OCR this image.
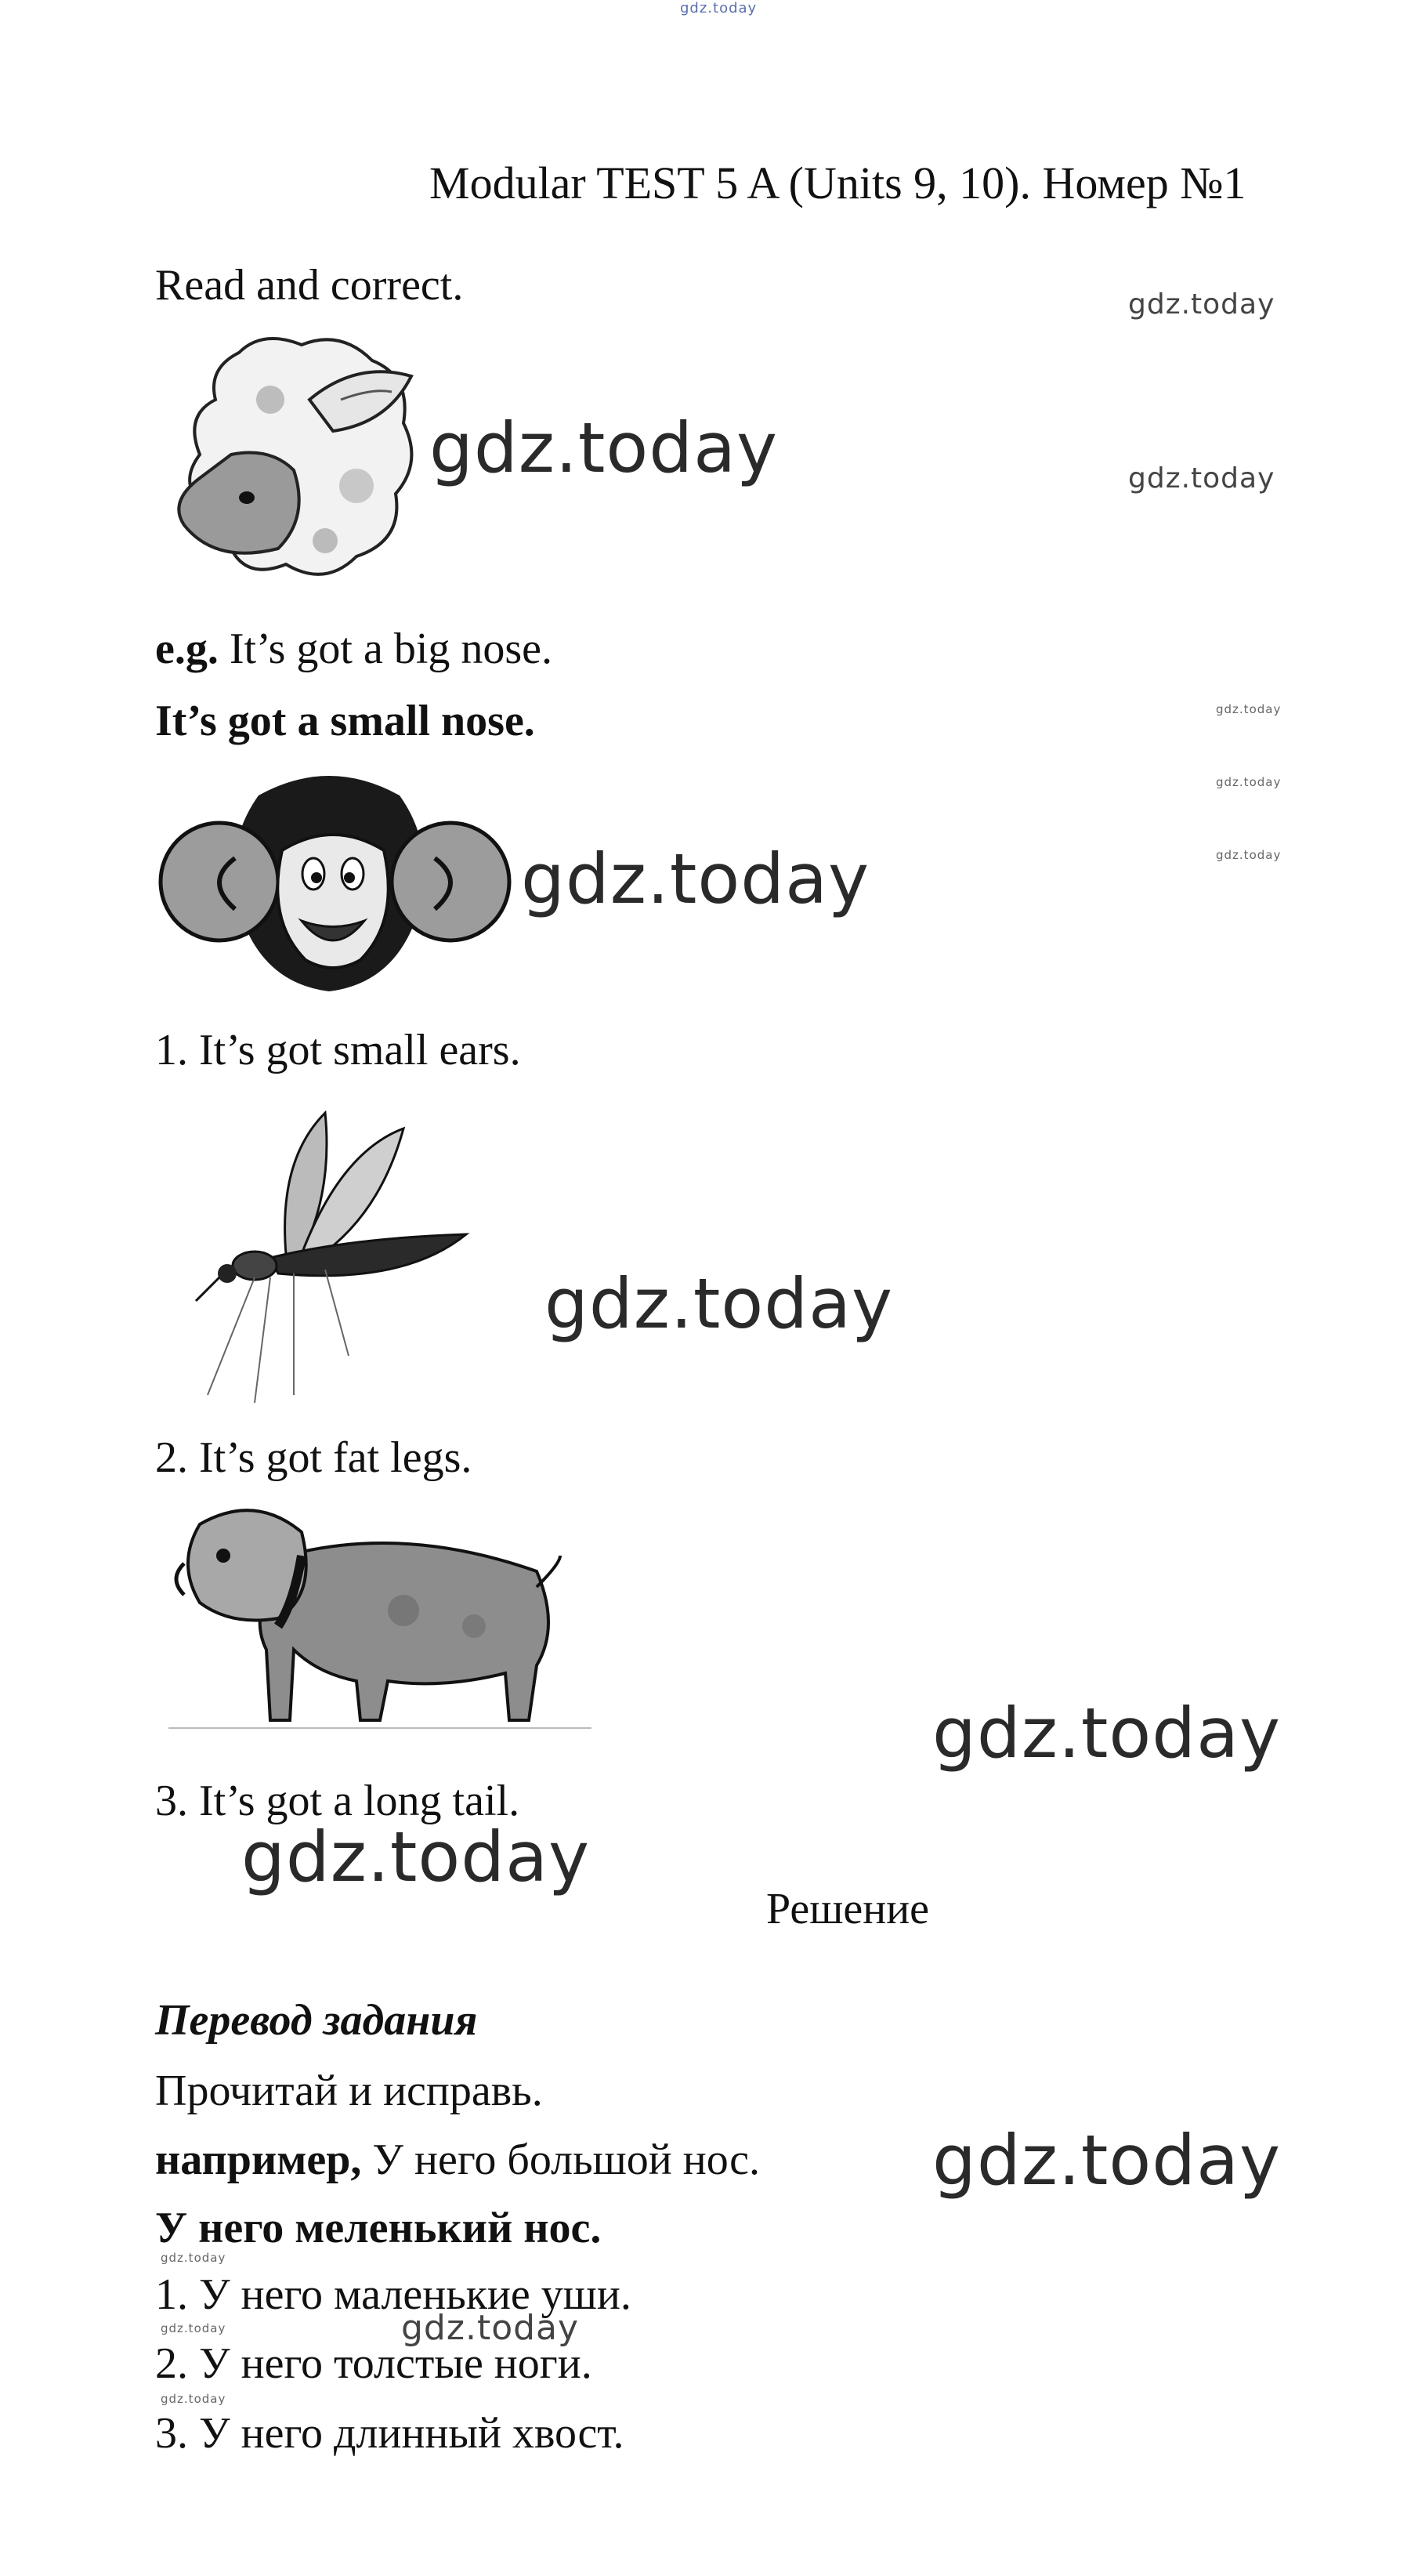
gdz.today
Modular TEST 5 A (Units 9, 10). Номер №1
Read and correct.	gdz.today
gdz.today
gdz.today
gdz.today
gdz.today
gdz.today
e.g. It’s got a big nose.
It’s got a small nose.
gdz.today
1. It’s got small ears.
gdz.today
2. It’s got fat legs.
gdz.today
3. It’s got a long tail.
gdz.today
Решение
Перевод задания
Прочитай и исправь.
например, У него большой нос.	gdz.today
У него меленький нос.
gdz.today
1. У него маленькие уши.
gdz.today	gdz.today
2. У него толстые ноги.
gdz.today
3. У него длинный хвост.
